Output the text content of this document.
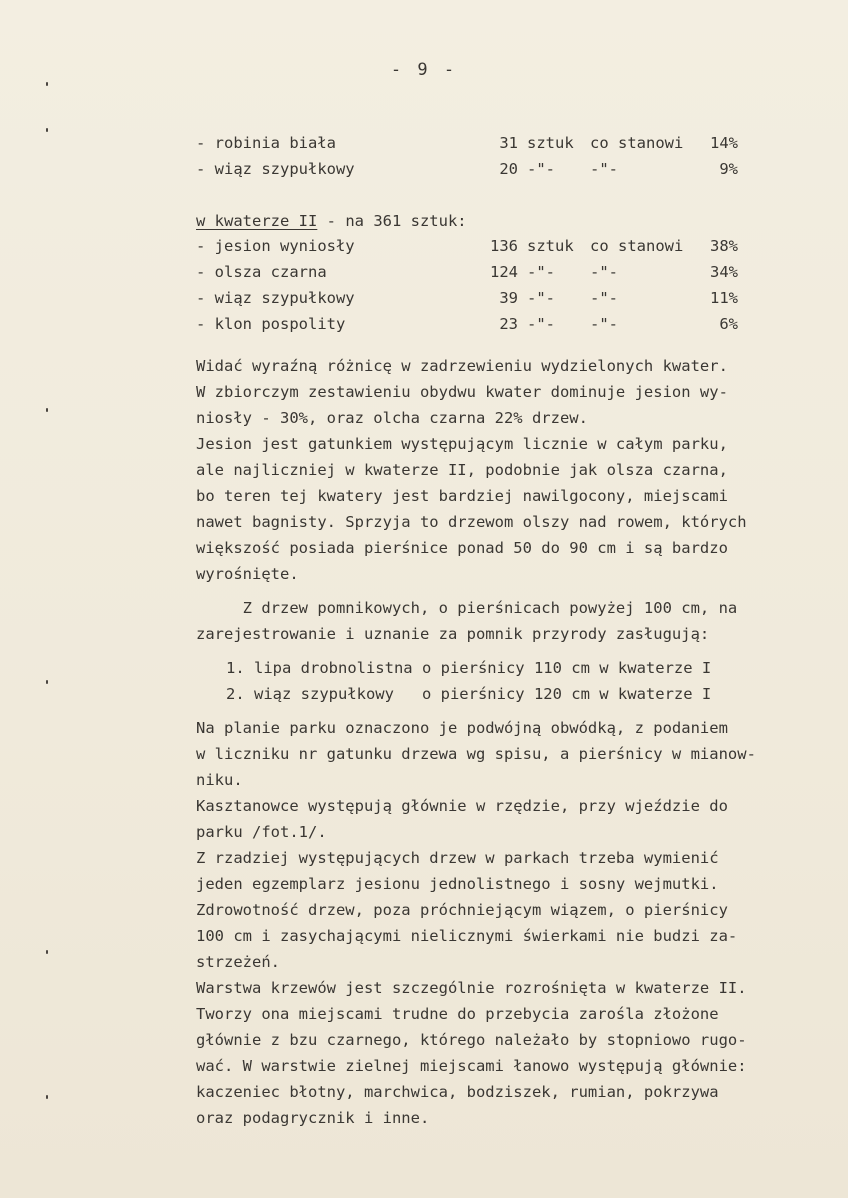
- 9 -
- robinia biała	31 sztuk co stanowi	14%
- wiąz szypułkowy	20 -"- -"-	9%
w kwaterze II - na 361 sztuk:
- jesion wyniosły	136 sztuk co stanowi	38%
- olsza czarna	124 -"- -"-	34%
- wiąz szypułkowy	39 -"- -"-	11%
- klon pospolity	23 -"- -"-	6%
Widać wyraźną różnicę w zadrzewieniu wydzielonych kwater.
W zbiorczym zestawieniu obydwu kwater dominuje jesion wy-
niosły - 30%, oraz olcha czarna 22% drzew.
Jesion jest gatunkiem występującym licznie w całym parku,
ale najliczniej w kwaterze II, podobnie jak olsza czarna,
bo teren tej kwatery jest bardziej nawilgocony, miejscami
nawet bagnisty. Sprzyja to drzewom olszy nad rowem, których
większość posiada pierśnice ponad 50 do 90 cm i są bardzo
wyrośnięte.
Z drzew pomnikowych, o pierśnicach powyżej 100 cm, na
zarejestrowanie i uznanie za pomnik przyrody zasługują:
1. lipa drobnolistna o pierśnicy 110 cm w kwaterze I
2. wiąz szypułkowy   o pierśnicy 120 cm w kwaterze I
Na planie parku oznaczono je podwójną obwódką, z podaniem
w liczniku nr gatunku drzewa wg spisu, a pierśnicy w mianow-
niku.
Kasztanowce występują głównie w rzędzie, przy wjeździe do
parku /fot.1/.
Z rzadziej występujących drzew w parkach trzeba wymienić
jeden egzemplarz jesionu jednolistnego i sosny wejmutki.
Zdrowotność drzew, poza próchniejącym wiązem, o pierśnicy
100 cm i zasychającymi nielicznymi świerkami nie budzi za-
strzeżeń.
Warstwa krzewów jest szczególnie rozrośnięta w kwaterze II.
Tworzy ona miejscami trudne do przebycia zarośla złożone
głównie z bzu czarnego, którego należało by stopniowo rugo-
wać. W warstwie zielnej miejscami łanowo występują głównie:
kaczeniec błotny, marchwica, bodziszek, rumian, pokrzywa
oraz podagrycznik i inne.
